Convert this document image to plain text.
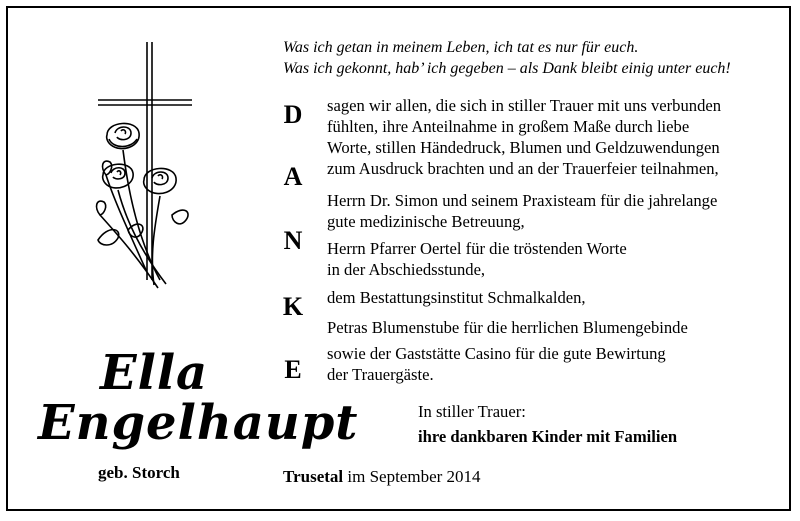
Was ich getan in meinem Leben, ich tat es nur für euch.
Was ich gekonnt, hab’ ich gegeben – als Dank bleibt einig unter euch!
D
A
N
K
E
sagen wir allen, die sich in stiller Trauer mit uns verbunden
fühlten, ihre Anteilnahme in großem Maße durch liebe
Worte, stillen Händedruck, Blumen und Geldzuwendungen
zum Ausdruck brachten und an der Trauerfeier teilnahmen,
Herrn Dr. Simon und seinem Praxisteam für die jahrelange
gute medizinische Betreuung,
Herrn Pfarrer Oertel für die tröstenden Worte
in der Abschiedsstunde,
dem Bestattungsinstitut Schmalkalden,
Petras Blumenstube für die herrlichen Blumengebinde
sowie der Gaststätte Casino für die gute Bewirtung
der Trauergäste.
Ella
Engelhaupt
geb. Storch
In stiller Trauer:
ihre dankbaren Kinder mit Familien
Trusetal im September 2014
